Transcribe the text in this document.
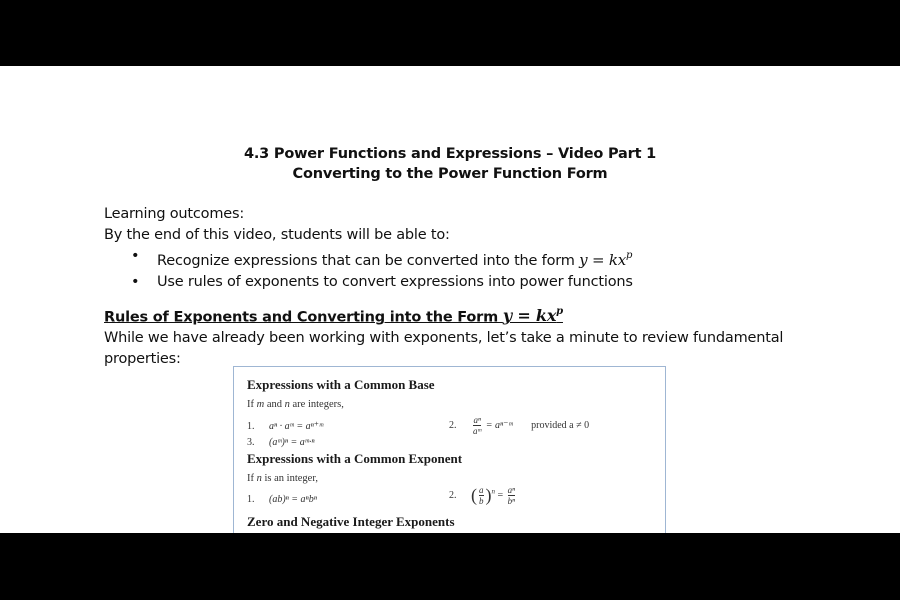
4.3 Power Functions and Expressions – Video Part 1
Converting to the Power Function Form
Learning outcomes:
By the end of this video, students will be able to:
• Recognize expressions that can be converted into the form $y = kx^p$
• Use rules of exponents to convert expressions into power functions
Rules of Exponents and Converting into the Form $y = kx^p$
While we have already been working with exponents, let’s take a minute to review fundamental properties:
Expressions with a Common Base
If m and n are integers,
1. aⁿ · aᵐ = aⁿ⁺ᵐ	2. $\frac{\text{aⁿ}}{\text{aᵐ}}$ = aⁿ⁻ᵐ provided a ≠ 0
3. (aᵐ)ⁿ = aᵐ·ⁿ
Expressions with a Common Exponent
If n is an integer,
1. (ab)ⁿ = aⁿbⁿ	2. ( $\frac{a}{b} )^n = \frac{\text{aⁿ}}{\text{bⁿ}}$
Zero and Negative Integer Exponents
